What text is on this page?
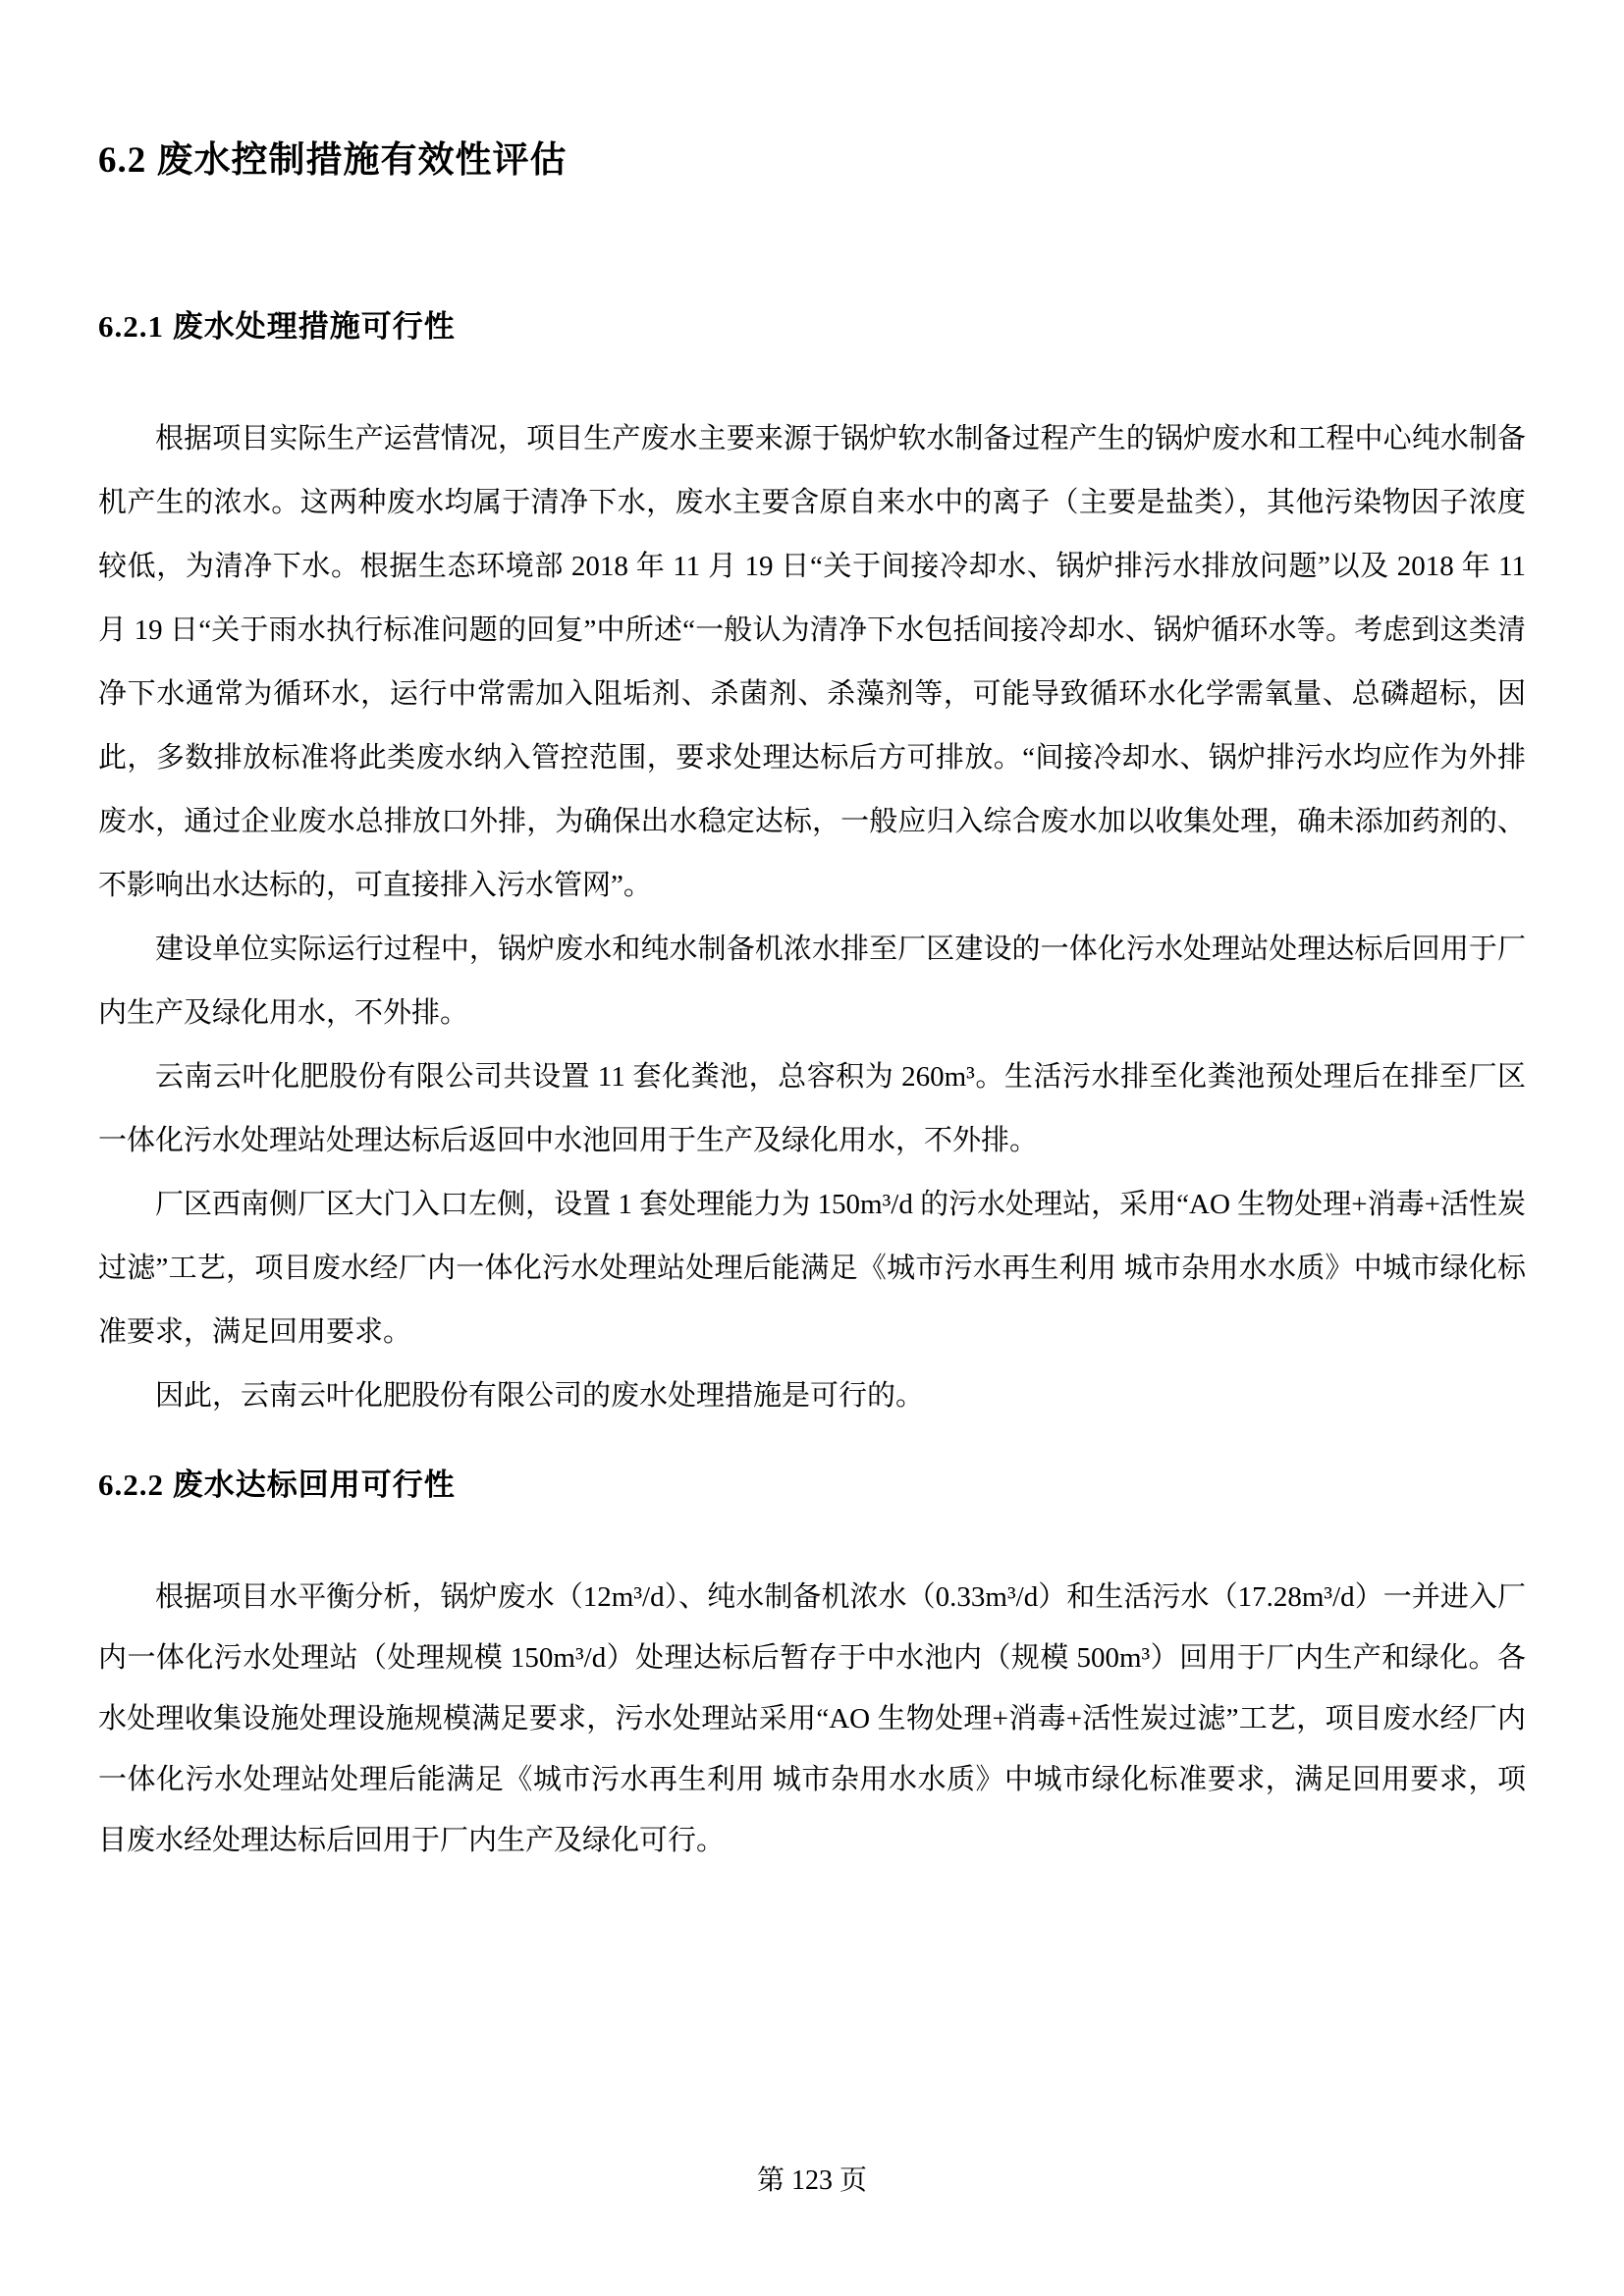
6.2 废水控制措施有效性评估
6.2.1 废水处理措施可行性

根据项目实际生产运营情况，项目生产废水主要来源于锅炉软水制备过程产生的锅炉废水和工程中心纯水制备机产生的浓水。这两种废水均属于清净下水，废水主要含原自来水中的离子（主要是盐类），其他污染物因子浓度较低，为清净下水。根据生态环境部 2018 年 11 月 19 日“关于间接冷却水、锅炉排污水排放问题”以及 2018 年 11 月 19 日“关于雨水执行标准问题的回复”中所述“一般认为清净下水包括间接冷却水、锅炉循环水等。考虑到这类清净下水通常为循环水，运行中常需加入阻垢剂、杀菌剂、杀藻剂等，可能导致循环水化学需氧量、总磷超标，因此，多数排放标准将此类废水纳入管控范围，要求处理达标后方可排放。“间接冷却水、锅炉排污水均应作为外排废水，通过企业废水总排放口外排，为确保出水稳定达标，一般应归入综合废水加以收集处理，确未添加药剂的、不影响出水达标的，可直接排入污水管网”。

建设单位实际运行过程中，锅炉废水和纯水制备机浓水排至厂区建设的一体化污水处理站处理达标后回用于厂内生产及绿化用水，不外排。

云南云叶化肥股份有限公司共设置 11 套化粪池，总容积为 260m³。生活污水排至化粪池预处理后在排至厂区一体化污水处理站处理达标后返回中水池回用于生产及绿化用水，不外排。

厂区西南侧厂区大门入口左侧，设置 1 套处理能力为 150m³/d 的污水处理站，采用“AO 生物处理+消毒+活性炭过滤”工艺，项目废水经厂内一体化污水处理站处理后能满足《城市污水再生利用 城市杂用水水质》中城市绿化标准要求，满足回用要求。

因此，云南云叶化肥股份有限公司的废水处理措施是可行的。

6.2.2 废水达标回用可行性

根据项目水平衡分析，锅炉废水（12m³/d）、纯水制备机浓水（0.33m³/d）和生活污水（17.28m³/d）一并进入厂内一体化污水处理站（处理规模 150m³/d）处理达标后暂存于中水池内（规模 500m³）回用于厂内生产和绿化。各水处理收集设施处理设施规模满足要求，污水处理站采用“AO 生物处理+消毒+活性炭过滤”工艺，项目废水经厂内一体化污水处理站处理后能满足《城市污水再生利用 城市杂用水水质》中城市绿化标准要求，满足回用要求，项目废水经处理达标后回用于厂内生产及绿化可行。

第 123 页
